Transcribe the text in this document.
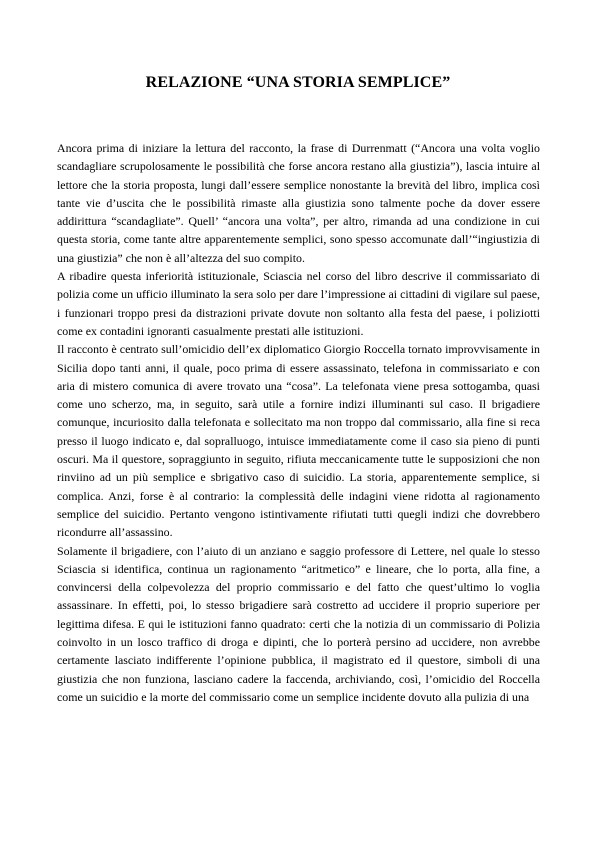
RELAZIONE “UNA STORIA SEMPLICE”

Ancora prima di iniziare la lettura del racconto, la frase di Durrenmatt (“Ancora una volta voglio scandagliare scrupolosamente le possibilità che forse ancora restano alla giustizia”), lascia intuire al lettore che la storia proposta, lungi dall’essere semplice nonostante la brevità del libro, implica così tante vie d’uscita che le possibilità rimaste alla giustizia sono talmente poche da dover essere addirittura “scandagliate”. Quell’ “ancora una volta”, per altro, rimanda ad una condizione in cui questa storia, come tante altre apparentemente semplici, sono spesso accomunate dall’“ingiustizia di una giustizia” che non è all’altezza del suo compito.

A ribadire questa inferiorità istituzionale, Sciascia nel corso del libro descrive il commissariato di polizia come un ufficio illuminato la sera solo per dare l’impressione ai cittadini di vigilare sul paese, i funzionari troppo presi da distrazioni private dovute non soltanto alla festa del paese, i poliziotti come ex contadini ignoranti casualmente prestati alle istituzioni.

Il racconto è centrato sull’omicidio dell’ex diplomatico Giorgio Roccella tornato improvvisamente in Sicilia dopo tanti anni, il quale, poco prima di essere assassinato, telefona in commissariato e con aria di mistero comunica di avere trovato una “cosa”. La telefonata viene presa sottogamba, quasi come uno scherzo, ma, in seguito, sarà utile a fornire indizi illuminanti sul caso. Il brigadiere comunque, incuriosito dalla telefonata e sollecitato ma non troppo dal commissario, alla fine si reca presso il luogo indicato e, dal sopralluogo, intuisce immediatamente come il caso sia pieno di punti oscuri. Ma il questore, sopraggiunto in seguito, rifiuta meccanicamente tutte le supposizioni che non rinviino ad un più semplice e sbrigativo caso di suicidio. La storia, apparentemente semplice, si complica. Anzi, forse è al contrario: la complessità delle indagini viene ridotta al ragionamento semplice del suicidio. Pertanto vengono istintivamente rifiutati tutti quegli indizi che dovrebbero ricondurre all’assassino.

Solamente il brigadiere, con l’aiuto di un anziano e saggio professore di Lettere, nel quale lo stesso Sciascia si identifica, continua un ragionamento “aritmetico” e lineare, che lo porta, alla fine, a convincersi della colpevolezza del proprio commissario e del fatto che quest’ultimo lo voglia assassinare. In effetti, poi, lo stesso brigadiere sarà costretto ad uccidere il proprio superiore per legittima difesa. E qui le istituzioni fanno quadrato: certi che la notizia di un commissario di Polizia coinvolto in un losco traffico di droga e dipinti, che lo porterà persino ad uccidere, non avrebbe certamente lasciato indifferente l’opinione pubblica, il magistrato ed il questore, simboli di una giustizia che non funziona, lasciano cadere la faccenda, archiviando, così, l’omicidio del Roccella come un suicidio e la morte del commissario come un semplice incidente dovuto alla pulizia di una
